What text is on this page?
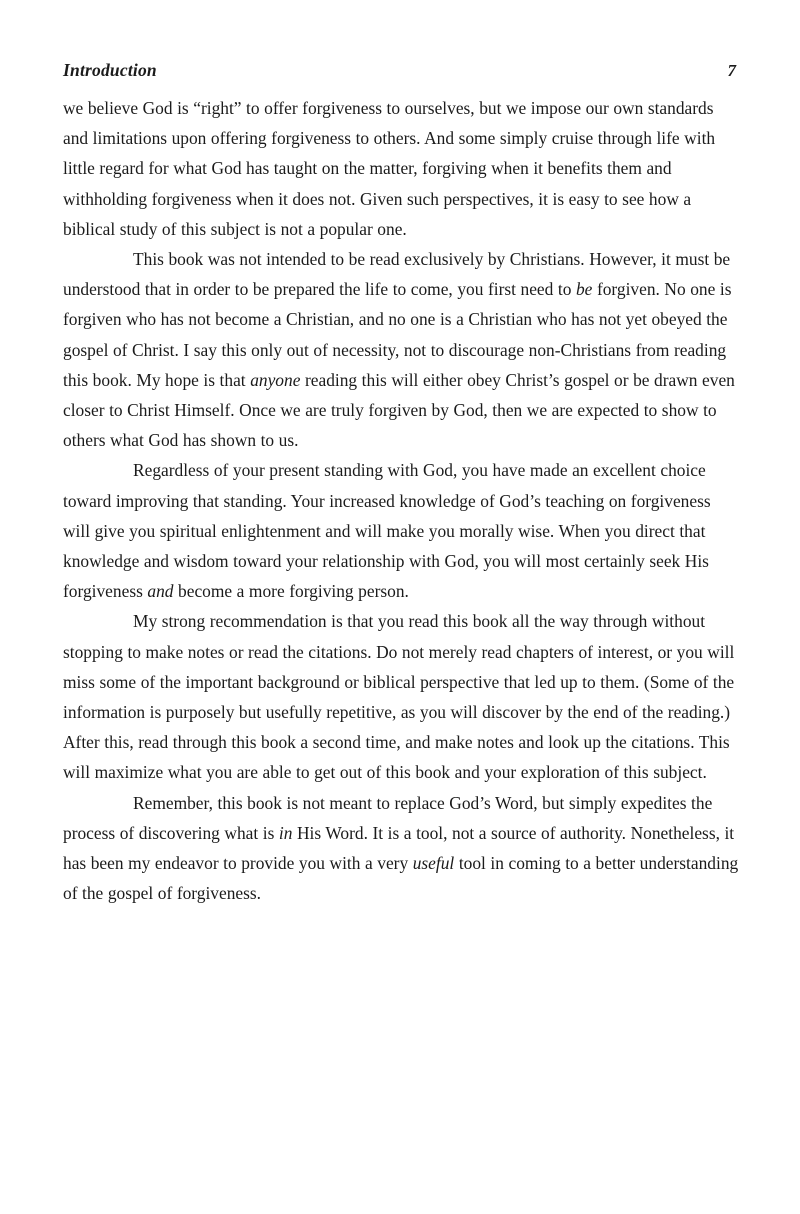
Introduction	7

we believe God is “right” to offer forgiveness to ourselves, but we impose our own standards and limitations upon offering forgiveness to others. And some simply cruise through life with little regard for what God has taught on the matter, forgiving when it benefits them and withholding forgiveness when it does not. Given such perspectives, it is easy to see how a biblical study of this subject is not a popular one.

This book was not intended to be read exclusively by Christians. However, it must be understood that in order to be prepared the life to come, you first need to be forgiven. No one is forgiven who has not become a Christian, and no one is a Christian who has not yet obeyed the gospel of Christ. I say this only out of necessity, not to discourage non-Christians from reading this book. My hope is that anyone reading this will either obey Christ’s gospel or be drawn even closer to Christ Himself. Once we are truly forgiven by God, then we are expected to show to others what God has shown to us.

Regardless of your present standing with God, you have made an excellent choice toward improving that standing. Your increased knowledge of God’s teaching on forgiveness will give you spiritual enlightenment and will make you morally wise. When you direct that knowledge and wisdom toward your relationship with God, you will most certainly seek His forgiveness and become a more forgiving person.

My strong recommendation is that you read this book all the way through without stopping to make notes or read the citations. Do not merely read chapters of interest, or you will miss some of the important background or biblical perspective that led up to them. (Some of the information is purposely but usefully repetitive, as you will discover by the end of the reading.) After this, read through this book a second time, and make notes and look up the citations. This will maximize what you are able to get out of this book and your exploration of this subject.

Remember, this book is not meant to replace God’s Word, but simply expedites the process of discovering what is in His Word. It is a tool, not a source of authority. Nonetheless, it has been my endeavor to provide you with a very useful tool in coming to a better understanding of the gospel of forgiveness.
